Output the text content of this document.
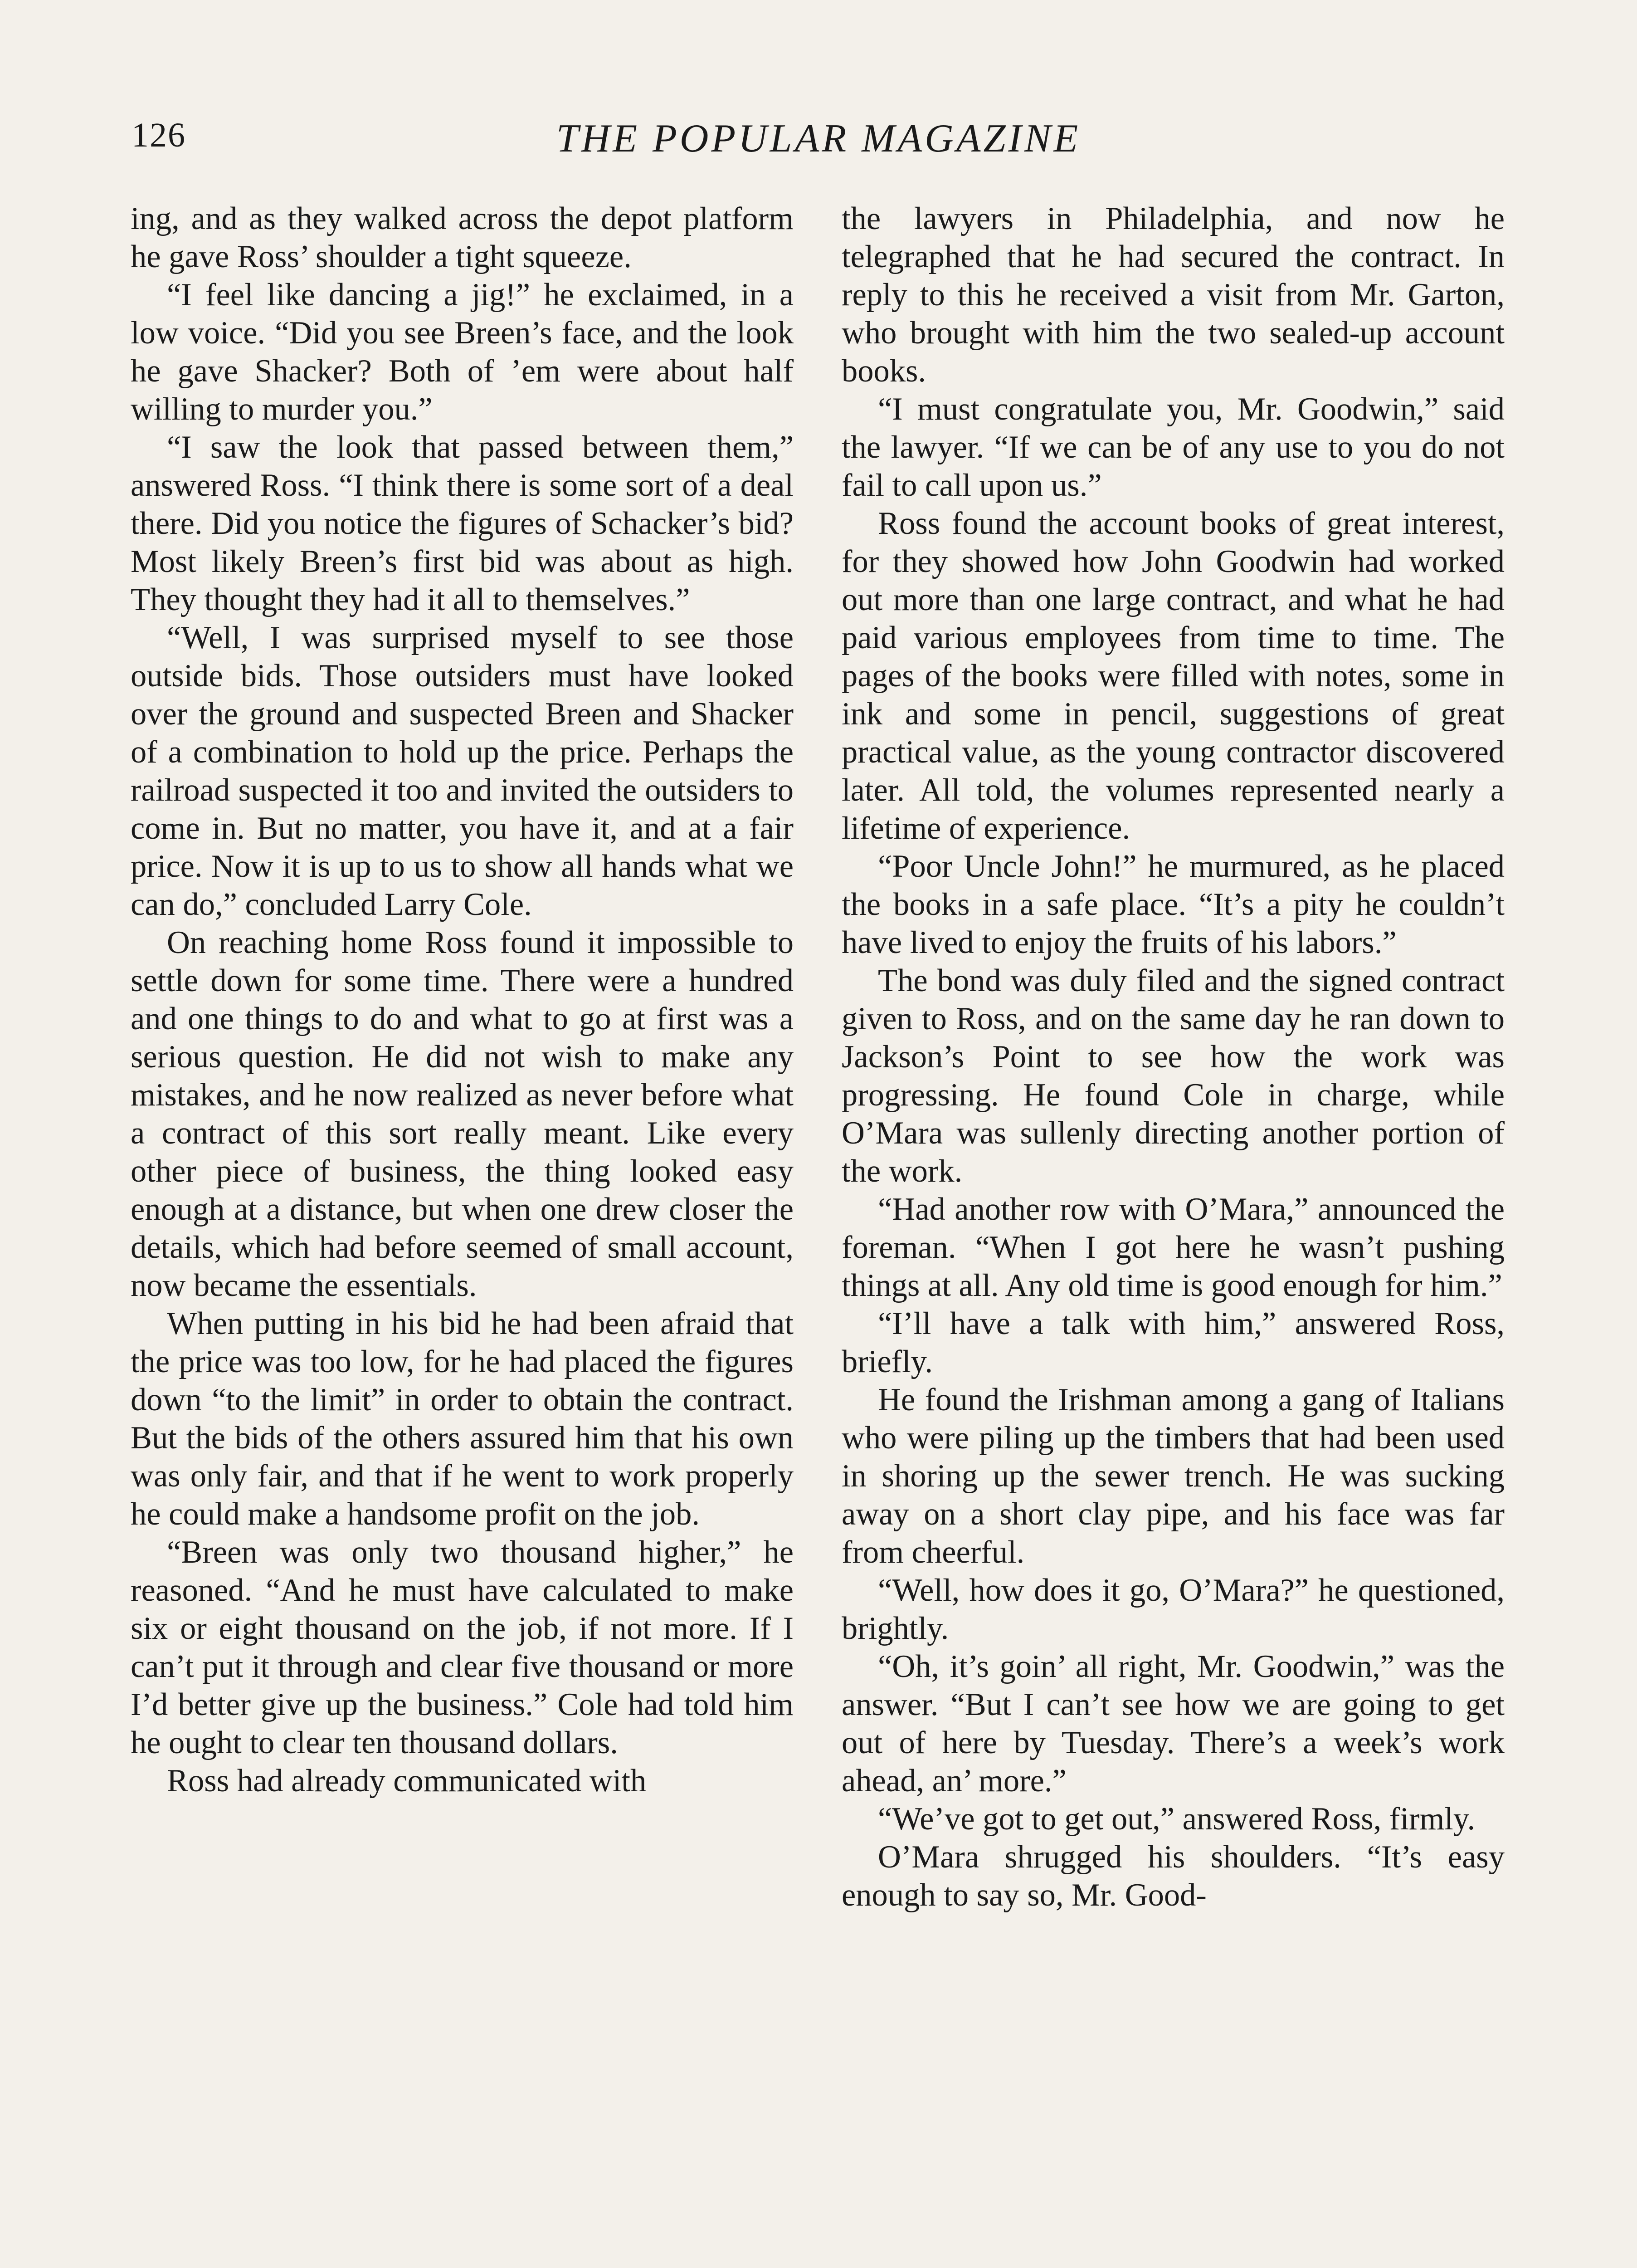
126	THE POPULAR MAGAZINE

ing, and as they walked across the depot platform he gave Ross’ shoulder a tight squeeze.

“I feel like dancing a jig!” he exclaimed, in a low voice. “Did you see Breen’s face, and the look he gave Shacker? Both of ’em were about half willing to murder you.”

“I saw the look that passed between them,” answered Ross. “I think there is some sort of a deal there. Did you notice the figures of Schacker’s bid? Most likely Breen’s first bid was about as high. They thought they had it all to themselves.”

“Well, I was surprised myself to see those outside bids. Those outsiders must have looked over the ground and suspected Breen and Shacker of a combination to hold up the price. Perhaps the railroad suspected it too and invited the outsiders to come in. But no matter, you have it, and at a fair price. Now it is up to us to show all hands what we can do,” concluded Larry Cole.

On reaching home Ross found it impossible to settle down for some time. There were a hundred and one things to do and what to go at first was a serious question. He did not wish to make any mistakes, and he now realized as never before what a contract of this sort really meant. Like every other piece of business, the thing looked easy enough at a distance, but when one drew closer the details, which had before seemed of small account, now became the essentials.

When putting in his bid he had been afraid that the price was too low, for he had placed the figures down “to the limit” in order to obtain the contract. But the bids of the others assured him that his own was only fair, and that if he went to work properly he could make a handsome profit on the job.

“Breen was only two thousand higher,” he reasoned. “And he must have calculated to make six or eight thousand on the job, if not more. If I can’t put it through and clear five thousand or more I’d better give up the business.” Cole had told him he ought to clear ten thousand dollars.

Ross had already communicated with

the lawyers in Philadelphia, and now he telegraphed that he had secured the contract. In reply to this he received a visit from Mr. Garton, who brought with him the two sealed-up account books.

“I must congratulate you, Mr. Goodwin,” said the lawyer. “If we can be of any use to you do not fail to call upon us.”

Ross found the account books of great interest, for they showed how John Goodwin had worked out more than one large contract, and what he had paid various employees from time to time. The pages of the books were filled with notes, some in ink and some in pencil, suggestions of great practical value, as the young contractor discovered later. All told, the volumes represented nearly a lifetime of experience.

“Poor Uncle John!” he murmured, as he placed the books in a safe place. “It’s a pity he couldn’t have lived to enjoy the fruits of his labors.”

The bond was duly filed and the signed contract given to Ross, and on the same day he ran down to Jackson’s Point to see how the work was progressing. He found Cole in charge, while O’Mara was sullenly directing another portion of the work.

“Had another row with O’Mara,” announced the foreman. “When I got here he wasn’t pushing things at all. Any old time is good enough for him.”

“I’ll have a talk with him,” answered Ross, briefly.

He found the Irishman among a gang of Italians who were piling up the timbers that had been used in shoring up the sewer trench. He was sucking away on a short clay pipe, and his face was far from cheerful.

“Well, how does it go, O’Mara?” he questioned, brightly.

“Oh, it’s goin’ all right, Mr. Goodwin,” was the answer. “But I can’t see how we are going to get out of here by Tuesday. There’s a week’s work ahead, an’ more.”

“We’ve got to get out,” answered Ross, firmly.

O’Mara shrugged his shoulders. “It’s easy enough to say so, Mr. Good-
